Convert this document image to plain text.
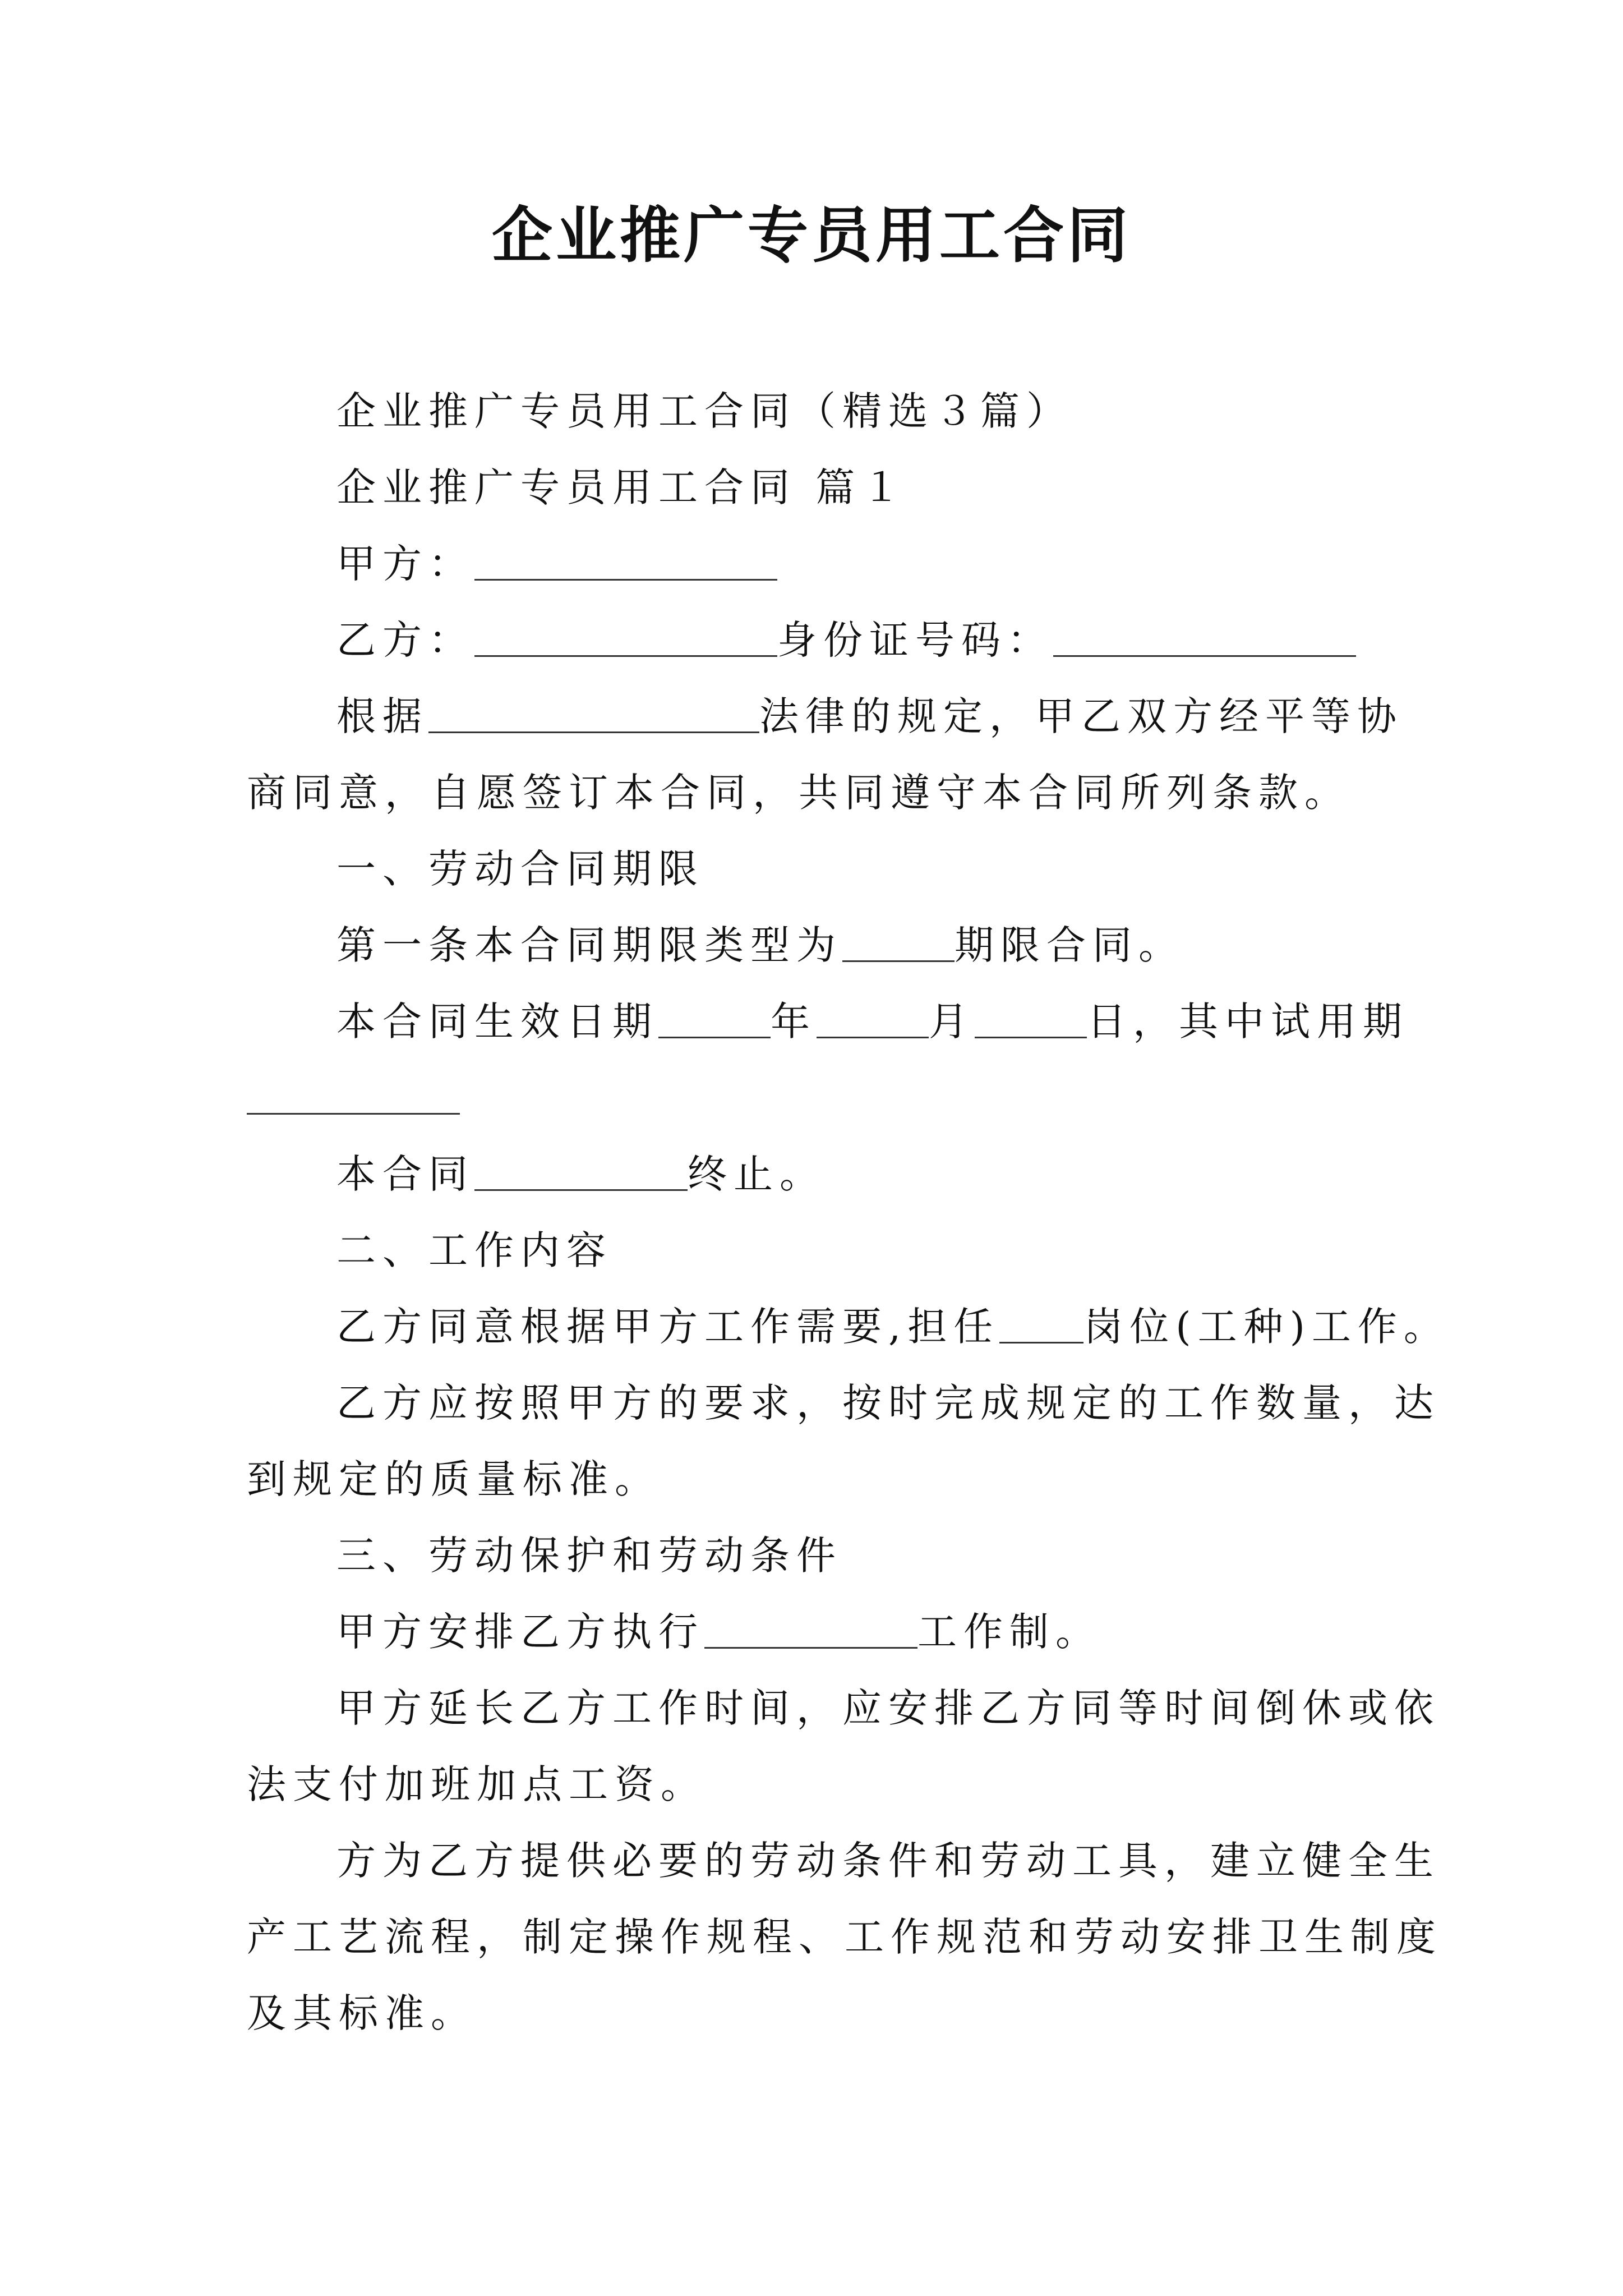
企业推广专员用工合同
企业推广专员用工合同（精选３篇）
企业推广专员用工合同 篇１
甲方：
乙方：	身份证号码：
根据	法律的规定，甲乙双方经平等协
商同意，自愿签订本合同，共同遵守本合同所列条款。
一、劳动合同期限
第一条本合同期限类型为	期限合同。
本合同生效日期	年	月	日，其中试用期
本合同	终止。
二、工作内容
乙方同意根据甲方工作需要,担任 岗位(工种)工作。
乙方应按照甲方的要求，按时完成规定的工作数量，达
到规定的质量标准。
三、劳动保护和劳动条件
甲方安排乙方执行	工作制。
甲方延长乙方工作时间，应安排乙方同等时间倒休或依
法支付加班加点工资。
方为乙方提供必要的劳动条件和劳动工具，建立健全生
产工艺流程，制定操作规程、工作规范和劳动安排卫生制度
及其标准。
